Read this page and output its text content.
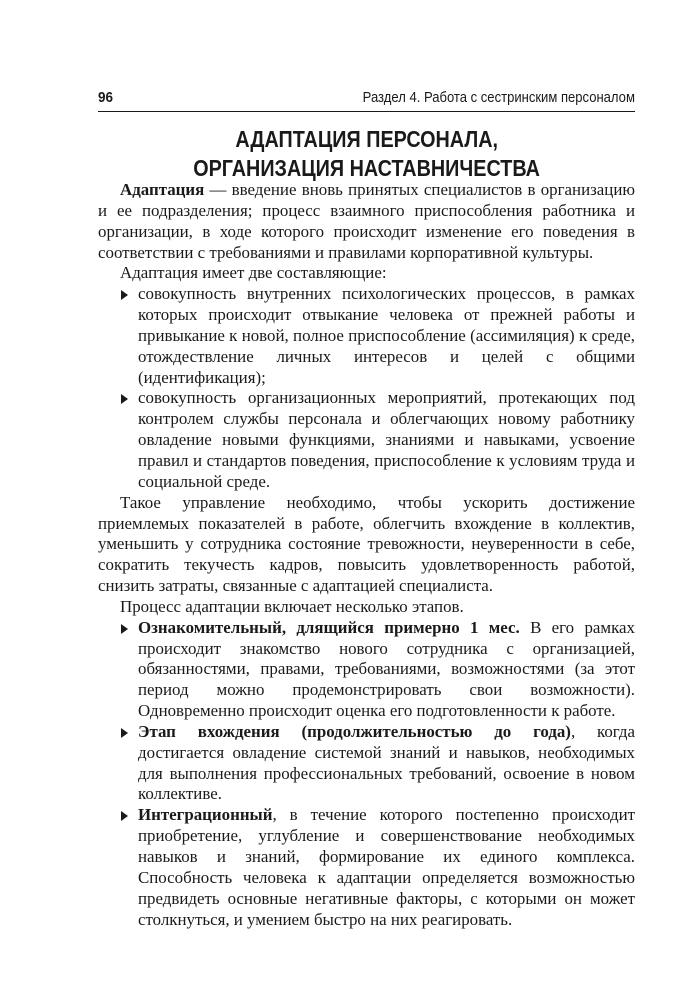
96	Раздел 4. Работа с сестринским персоналом
АДАПТАЦИЯ ПЕРСОНАЛА,
ОРГАНИЗАЦИЯ НАСТАВНИЧЕСТВА

Адаптация — введение вновь принятых специалистов в организацию и ее подразделения; процесс взаимного приспособления работника и организации, в ходе которого происходит изменение его поведения в соответствии с требованиями и правилами корпоративной культуры.

Адаптация имеет две составляющие:

совокупность внутренних психологических процессов, в рамках которых происходит отвыкание человека от прежней работы и привыкание к новой, полное приспособление (ассимиляция) к среде, отождествление личных интересов и целей с общими (идентификация);
совокупность организационных мероприятий, протекающих под контролем службы персонала и облегчающих новому работнику овладение новыми функциями, знаниями и навыками, усвоение правил и стандартов поведения, приспособление к условиям труда и социальной среде.

Такое управление необходимо, чтобы ускорить достижение приемлемых показателей в работе, облегчить вхождение в коллектив, уменьшить у сотрудника состояние тревожности, неуверенности в себе, сократить текучесть кадров, повысить удовлетворенность работой, снизить затраты, связанные с адаптацией специалиста.

Процесс адаптации включает несколько этапов.

Ознакомительный, длящийся примерно 1 мес. В его рамках происходит знакомство нового сотрудника с организацией, обязанностями, правами, требованиями, возможностями (за этот период можно продемонстрировать свои возможности). Одновременно происходит оценка его подготовленности к работе.
Этап вхождения (продолжительностью до года), когда достигается овладение системой знаний и навыков, необходимых для выполнения профессиональных требований, освоение в новом коллективе.
Интеграционный, в течение которого постепенно происходит приобретение, углубление и совершенствование необходимых навыков и знаний, формирование их единого комплекса. Способность человека к адаптации определяется возможностью предвидеть основные негативные факторы, с которыми он может столкнуться, и умением быстро на них реагировать.
